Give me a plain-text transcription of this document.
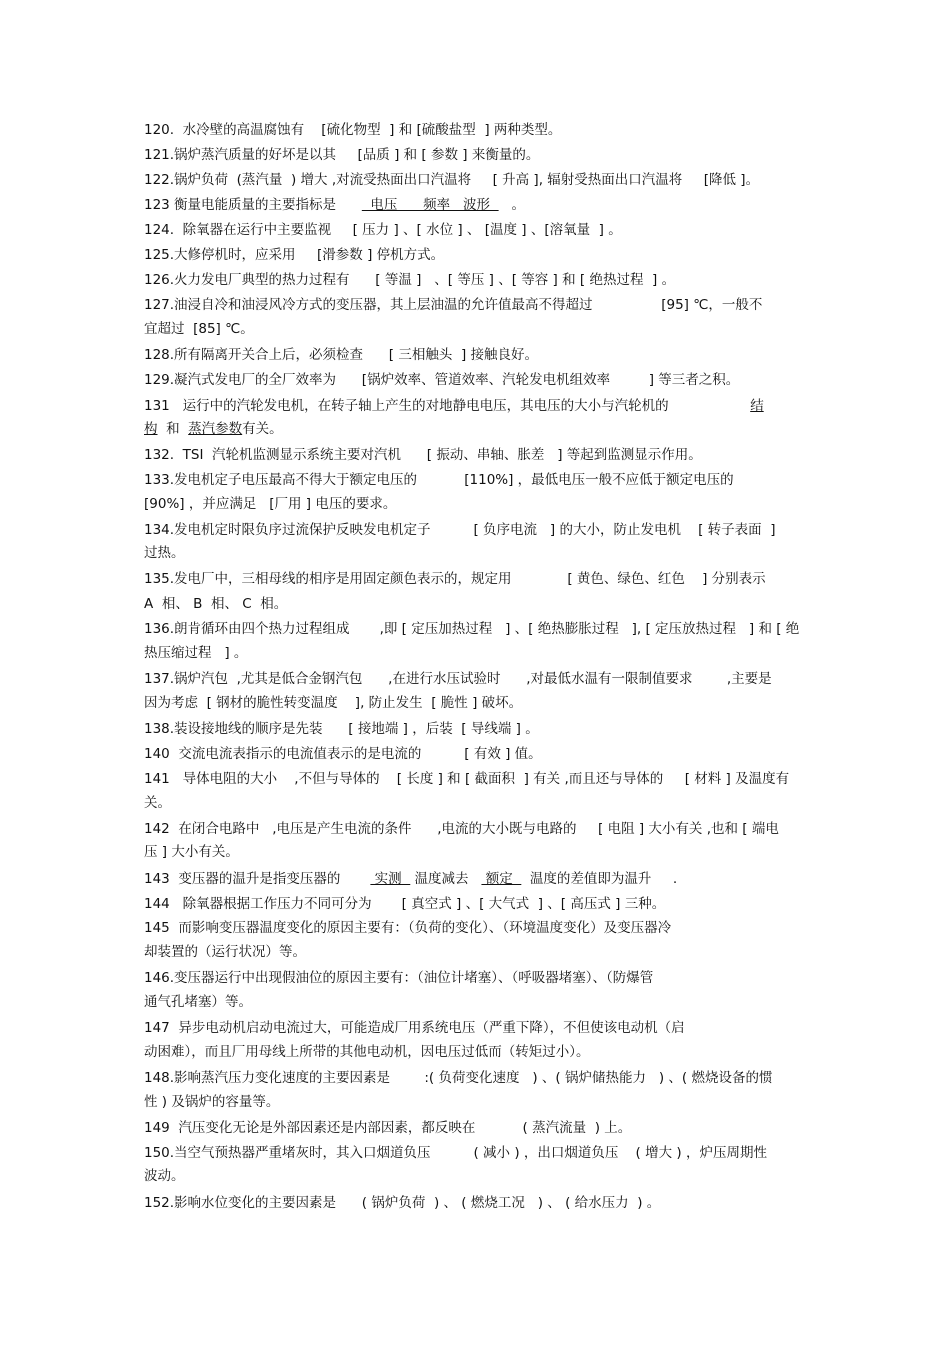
120.  水冷壁的高温腐蚀有    [硫化物型  ] 和 [硫酸盐型  ] 两种类型。

121.锅炉蒸汽质量的好坏是以其     [品质 ] 和 [ 参数 ] 来衡量的。

122.锅炉负荷  (蒸汽量  ) 增大 ,对流受热面出口汽温将     [ 升高 ], 辐射受热面出口汽温将     [降低 ]。

123 衡量电能质量的主要指标是        电压      频率   波形     。

124.  除氧器在运行中主要监视     [ 压力 ] 、[ 水位 ] 、 [温度 ] 、[溶氧量  ] 。

125.大修停机时，应采用     [滑参数 ] 停机方式。

126.火力发电厂典型的热力过程有      [ 等温 ]   、[ 等压 ] 、[ 等容 ] 和 [ 绝热过程  ] 。

127.油浸自冷和油浸风冷方式的变压器，其上层油温的允许值最高不得超过                [95] ℃，一般不

宜超过  [85] ℃。

128.所有隔离开关合上后，必须检查      [ 三相触头  ] 接触良好。

129.凝汽式发电厂的全厂效率为      [锅炉效率、管道效率、汽轮发电机组效率         ] 等三者之积。

131   运行中的汽轮发电机，在转子轴上产生的对地静电电压，其电压的大小与汽轮机的                   结

构  和  蒸汽参数有关。

132.  TSI  汽轮机监测显示系统主要对汽机      [ 振动、串轴、胀差   ] 等起到监测显示作用。

133.发电机定子电压最高不得大于额定电压的           [110%] ，最低电压一般不应低于额定电压的

[90%] ，并应满足   [厂用 ] 电压的要求。

134.发电机定时限负序过流保护反映发电机定子          [ 负序电流   ] 的大小，防止发电机    [ 转子表面  ]

过热。

135.发电厂中，三相母线的相序是用固定颜色表示的，规定用             [ 黄色、绿色、红色    ] 分别表示

A  相、 B  相、 C  相。

136.朗肯循环由四个热力过程组成       ,即 [ 定压加热过程   ] 、[ 绝热膨胀过程   ], [ 定压放热过程   ] 和 [ 绝

热压缩过程   ] 。

137.锅炉汽包  ,尤其是低合金钢汽包      ,在进行水压试验时      ,对最低水温有一限制值要求        ,主要是

因为考虑  [ 钢材的脆性转变温度    ], 防止发生  [ 脆性 ] 破坏。

138.装设接地线的顺序是先装      [ 接地端 ] ，后装  [ 导线端 ] 。

140  交流电流表指示的电流值表示的是电流的          [ 有效 ] 值。

141   导体电阻的大小    ,不但与导体的    [ 长度 ] 和 [ 截面积  ] 有关 ,而且还与导体的     [ 材料 ] 及温度有

关。

142  在闭合电路中   ,电压是产生电流的条件      ,电流的大小既与电路的     [ 电阻 ] 大小有关 ,也和 [ 端电

压 ] 大小有关。

143  变压器的温升是指变压器的        实测   温度减去    额定    温度的差值即为温升     .

144   除氧器根据工作压力不同可分为       [ 真空式 ] 、[ 大气式  ] 、[ 高压式 ] 三种。

145  而影响变压器温度变化的原因主要有：（负荷的变化）、（环境温度变化）及变压器冷

却装置的（运行状况）等。

146.变压器运行中出现假油位的原因主要有：（油位计堵塞）、（呼吸器堵塞）、（防爆管

通气孔堵塞）等。

147  异步电动机启动电流过大，可能造成厂用系统电压（严重下降），不但使该电动机（启

动困难），而且厂用母线上所带的其他电动机，因电压过低而（转矩过小）。

148.影响蒸汽压力变化速度的主要因素是        :( 负荷变化速度   ) 、( 锅炉储热能力   ) 、( 燃烧设备的惯

性 ) 及锅炉的容量等。

149  汽压变化无论是外部因素还是内部因素，都反映在           ( 蒸汽流量  ) 上。

150.当空气预热器严重堵灰时，其入口烟道负压          ( 减小 ) ，出口烟道负压    ( 增大 ) ，炉压周期性

波动。

152.影响水位变化的主要因素是      ( 锅炉负荷  ) 、 ( 燃烧工况   ) 、 ( 给水压力  ) 。
